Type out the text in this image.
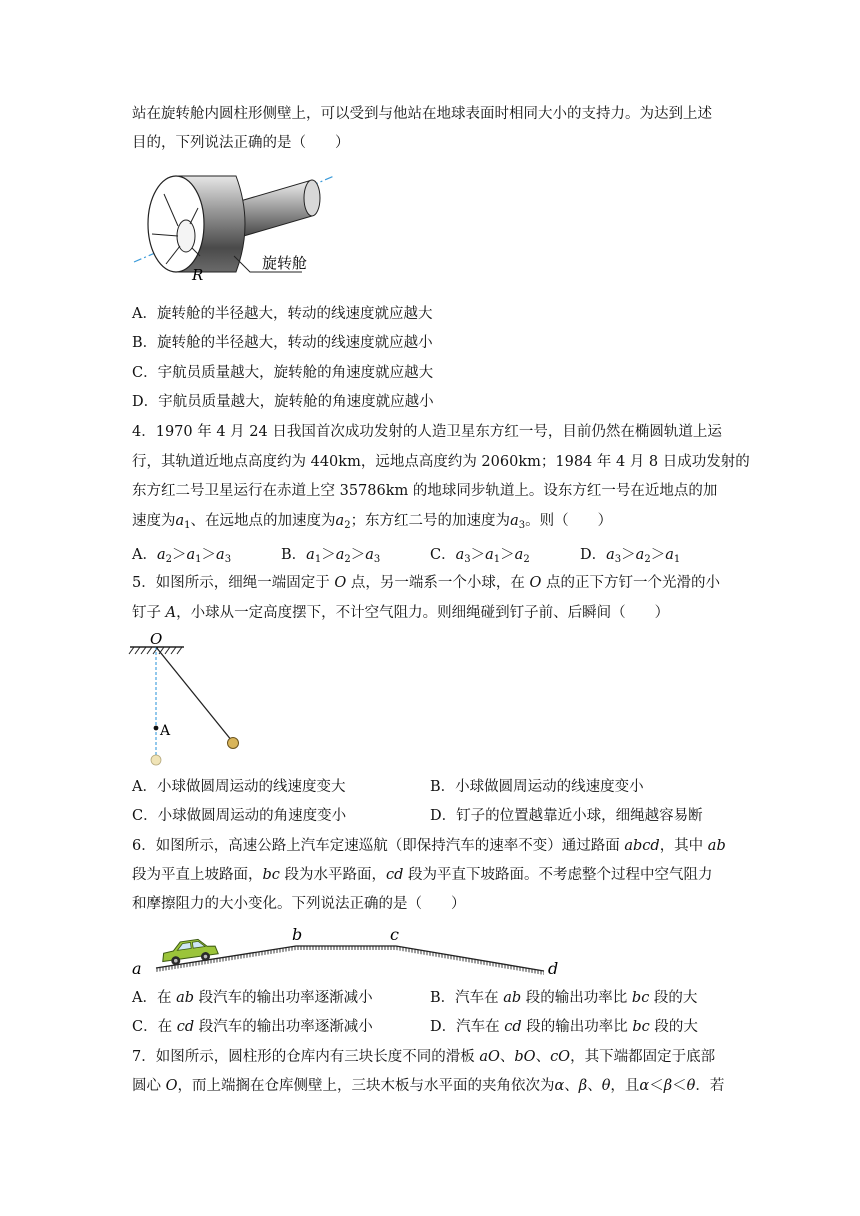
站在旋转舱内圆柱形侧壁上，可以受到与他站在地球表面时相同大小的支持力。为达到上述
目的，下列说法正确的是（　　）
R
旋转舱
A．旋转舱的半径越大，转动的线速度就应越大
B．旋转舱的半径越大，转动的线速度就应越小
C．宇航员质量越大，旋转舱的角速度就应越大
D．宇航员质量越大，旋转舱的角速度就应越小
4．1970 年 4 月 24 日我国首次成功发射的人造卫星东方红一号，目前仍然在椭圆轨道上运
行，其轨道近地点高度约为 440km，远地点高度约为 2060km；1984 年 4 月 8 日成功发射的
东方红二号卫星运行在赤道上空 35786km 的地球同步轨道上。设东方红一号在近地点的加
速度为$a_1$、在远地点的加速度为$a_2$；东方红二号的加速度为$a_3$。则（　　）
A．$a_2>a_1>a_3$	B．$a_1>a_2>a_3$	C．$a_3>a_1>a_2$	D．$a_3>a_2>a_1$
5．如图所示，细绳一端固定于 O 点，另一端系一个小球，在 O 点的正下方钉一个光滑的小
钉子 A，小球从一定高度摆下，不计空气阻力。则细绳碰到钉子前、后瞬间（　　）
O
A
A．小球做圆周运动的线速度变大	B．小球做圆周运动的线速度变小
C．小球做圆周运动的角速度变小	D．钉子的位置越靠近小球，细绳越容易断
6．如图所示，高速公路上汽车定速巡航（即保持汽车的速率不变）通过路面 abcd，其中 ab
段为平直上坡路面，bc 段为水平路面，cd 段为平直下坡路面。不考虑整个过程中空气阻力
和摩擦阻力的大小变化。下列说法正确的是（　　）
a
b	c
d
A．在 ab 段汽车的输出功率逐渐减小	B．汽车在 ab 段的输出功率比 bc 段的大
C．在 cd 段汽车的输出功率逐渐减小	D．汽车在 cd 段的输出功率比 bc 段的大
7．如图所示，圆柱形的仓库内有三块长度不同的滑板 aO、bO、cO，其下端都固定于底部
圆心 O，而上端搁在仓库侧壁上，三块木板与水平面的夹角依次为α、β、θ，且α＜β＜θ．若
